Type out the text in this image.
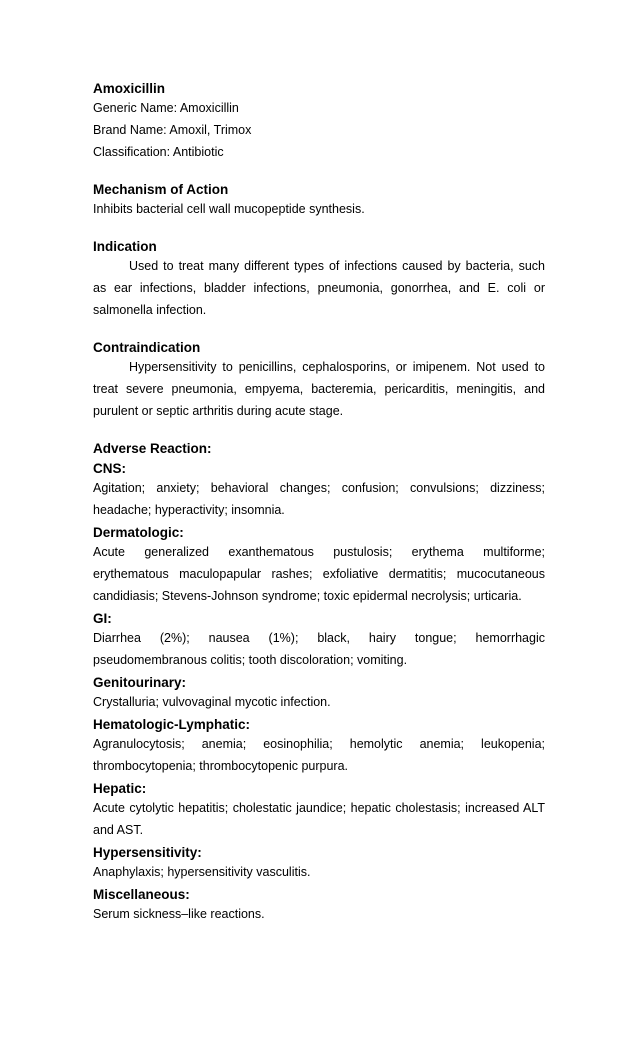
Amoxicillin

Generic Name: Amoxicillin

Brand Name: Amoxil, Trimox

Classification: Antibiotic

Mechanism of Action

Inhibits bacterial cell wall mucopeptide synthesis.

Indication

Used to treat many different types of infections caused by bacteria, such
as ear infections, bladder infections, pneumonia, gonorrhea, and E. coli or
salmonella infection.

Contraindication

Hypersensitivity to penicillins, cephalosporins, or imipenem. Not used to
treat severe pneumonia, empyema, bacteremia, pericarditis, meningitis, and
purulent or septic arthritis during acute stage.

Adverse Reaction:

CNS:

Agitation; anxiety; behavioral changes; confusion; convulsions; dizziness;
headache; hyperactivity; insomnia.

Dermatologic:

Acute generalized exanthematous pustulosis; erythema multiforme;
erythematous maculopapular rashes; exfoliative dermatitis; mucocutaneous
candidiasis; Stevens-Johnson syndrome; toxic epidermal necrolysis; urticaria.

GI:

Diarrhea (2%); nausea (1%); black, hairy tongue; hemorrhagic
pseudomembranous colitis; tooth discoloration; vomiting.

Genitourinary:

Crystalluria; vulvovaginal mycotic infection.

Hematologic-Lymphatic:

Agranulocytosis; anemia; eosinophilia; hemolytic anemia; leukopenia;
thrombocytopenia; thrombocytopenic purpura.

Hepatic:

Acute cytolytic hepatitis; cholestatic jaundice; hepatic cholestasis; increased ALT
and AST.

Hypersensitivity:

Anaphylaxis; hypersensitivity vasculitis.

Miscellaneous:

Serum sickness–like reactions.
